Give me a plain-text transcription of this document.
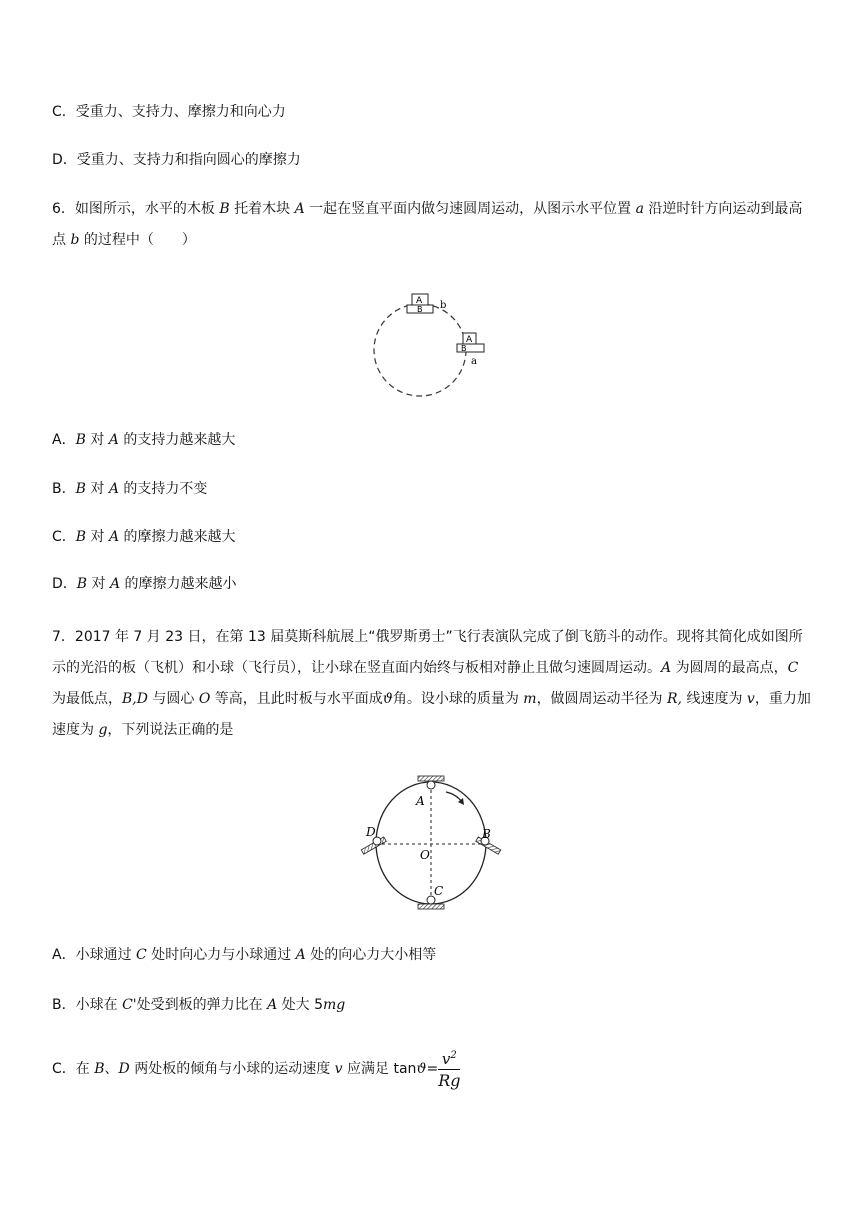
C．受重力、支持力、摩擦力和向心力
D．受重力、支持力和指向圆心的摩擦力
6．如图所示，水平的木板 B 托着木块 A 一起在竖直平面内做匀速圆周运动，从图示水平位置 a 沿逆时针方向运动到最高点 b 的过程中（　　）
A
B b
A
B
a
A．B 对 A 的支持力越来越大
B．B 对 A 的支持力不变
C．B 对 A 的摩擦力越来越大
D．B 对 A 的摩擦力越来越小
7．2017 年 7 月 23 日，在第 13 届莫斯科航展上“俄罗斯勇士”飞行表演队完成了倒飞筋斗的动作。现将其简化成如图所示的光沿的板（飞机）和小球（飞行员），让小球在竖直面内始终与板相对静止且做匀速圆周运动。A 为圆周的最高点，C 为最低点，B,D 与圆心 O 等高，且此时板与水平面成ϑ角。设小球的质量为 m，做圆周运动半径为 R, 线速度为 v，重力加速度为 g，下列说法正确的是
A
B
C
D
O
A．小球通过 C 处时向心力与小球通过 A 处的向心力大小相等
B．小球在 C'处受到板的弹力比在 A 处大 5mg
C．在 B、D 两处板的倾角与小球的运动速度 v 应满足 $\tan ϑ= \frac{v^2}{Rg}$
